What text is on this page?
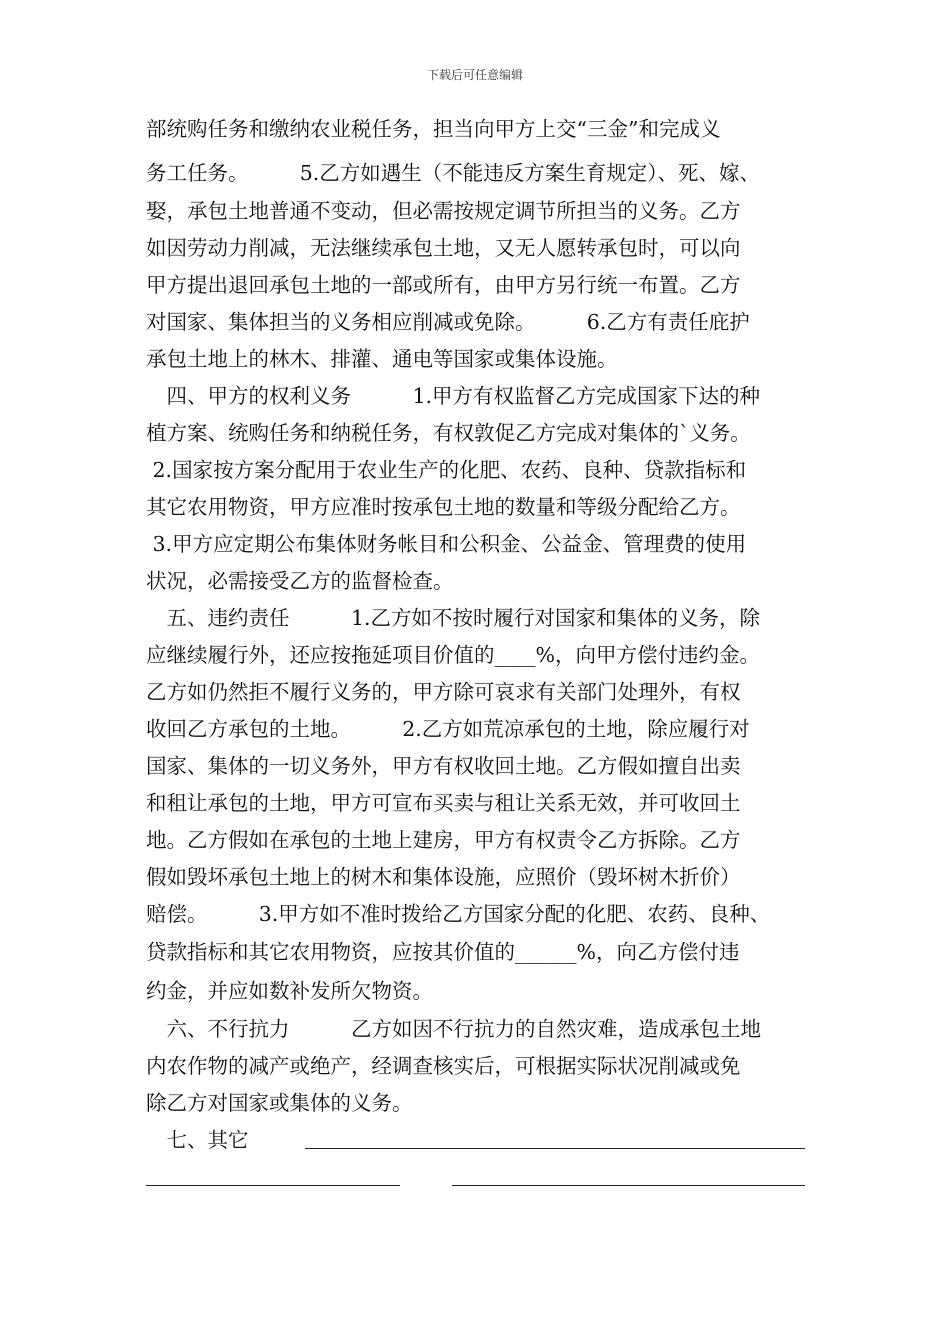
下载后可任意编辑
部统购任务和缴纳农业税任务，担当向甲方上交“三金”和完成义
务工任务。　　　5.乙方如遇生（不能违反方案生育规定）、死、嫁、
娶，承包土地普通不变动，但必需按规定调节所担当的义务。乙方
如因劳动力削减，无法继续承包土地，又无人愿转承包时，可以向
甲方提出退回承包土地的一部或所有，由甲方另行统一布置。乙方
对国家、集体担当的义务相应削减或免除。　　　6.乙方有责任庇护
承包土地上的林木、排灌、通电等国家或集体设施。
　四、甲方的权利义务　　　1.甲方有权监督乙方完成国家下达的种
植方案、统购任务和纳税任务，有权敦促乙方完成对集体的`义务。
2.国家按方案分配用于农业生产的化肥、农药、良种、贷款指标和
其它农用物资，甲方应准时按承包土地的数量和等级分配给乙方。
3.甲方应定期公布集体财务帐目和公积金、公益金、管理费的使用
状况，必需接受乙方的监督检查。
　五、违约责任　　　1.乙方如不按时履行对国家和集体的义务，除
应继续履行外，还应按拖延项目价值的____%，向甲方偿付违约金。
乙方如仍然拒不履行义务的，甲方除可哀求有关部门处理外，有权
收回乙方承包的土地。　　　2.乙方如荒凉承包的土地，除应履行对
国家、集体的一切义务外，甲方有权收回土地。乙方假如擅自出卖
和租让承包的土地，甲方可宣布买卖与租让关系无效，并可收回土
地。乙方假如在承包的土地上建房，甲方有权责令乙方拆除。乙方
假如毁坏承包土地上的树木和集体设施，应照价（毁坏树木折价）
赔偿。　　　3.甲方如不准时拨给乙方国家分配的化肥、农药、良种、
贷款指标和其它农用物资，应按其价值的______%，向乙方偿付违
约金，并应如数补发所欠物资。
　六、不行抗力　　　乙方如因不行抗力的自然灾难，造成承包土地
内农作物的减产或绝产，经调查核实后，可根据实际状况削减或免
除乙方对国家或集体的义务。
　七、其它
